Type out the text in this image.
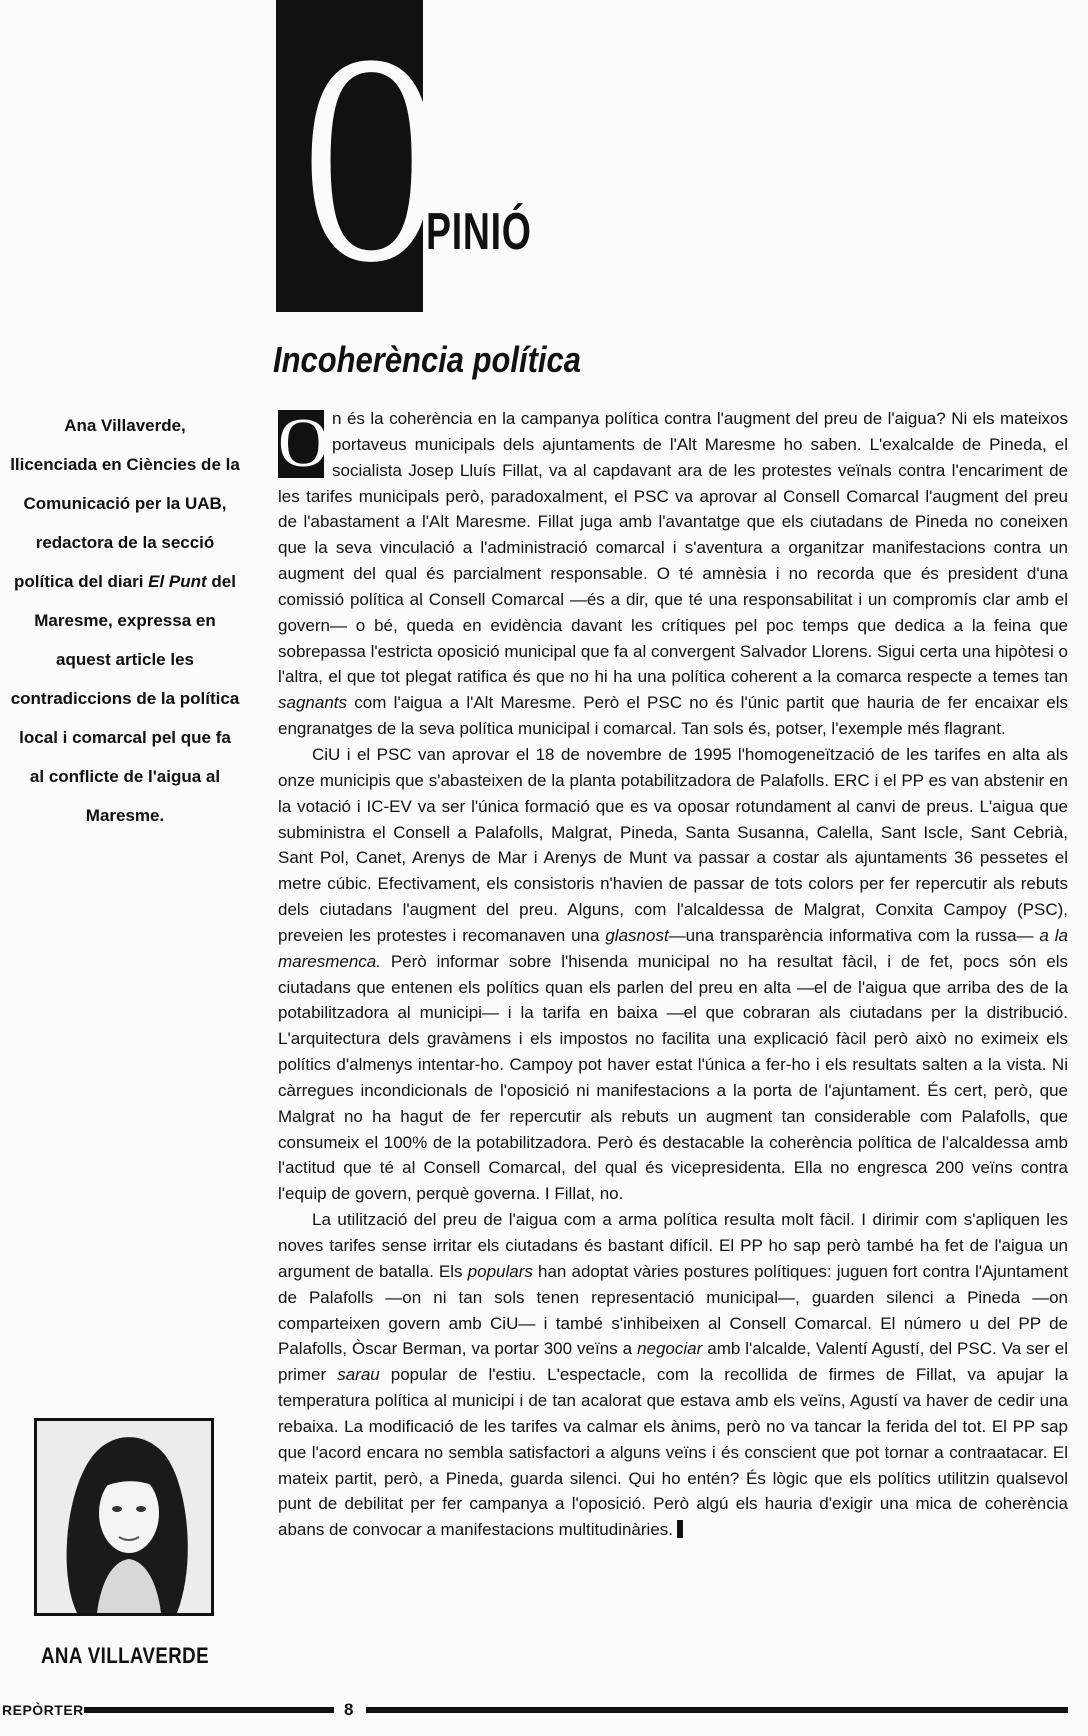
O
PINIÓ
Incoherència política
Ana Villaverde,
llicenciada en Ciències de la
Comunicació per la UAB,
redactora de la secció
política del diari El Punt del
Maresme, expressa en
aquest article les
contradiccions de la política
local i comarcal pel que fa
al conflicte de l'aigua al
Maresme.
ANA VILLAVERDE

O n és la coherència en la campanya política contra l'augment del preu de l'aigua? Ni els mateixos portaveus municipals dels ajuntaments de l'Alt Maresme ho saben. L'exalcalde de Pineda, el socialista Josep Lluís Fillat, va al capdavant ara de les protestes veïnals contra l'encariment de les tarifes municipals però, paradoxalment, el PSC va aprovar al Consell Comarcal l'augment del preu de l'abastament a l'Alt Maresme. Fillat juga amb l'avantatge que els ciutadans de Pineda no coneixen que la seva vinculació a l'administració comarcal i s'aventura a organitzar manifestacions contra un augment del qual és parcialment responsable. O té amnèsia i no recorda que és president d'una comissió política al Consell Comarcal —és a dir, que té una responsabilitat i un compromís clar amb el govern— o bé, queda en evidència davant les crítiques pel poc temps que dedica a la feina que sobrepassa l'estricta oposició municipal que fa al convergent Salvador Llorens. Sigui certa una hipòtesi o l'altra, el que tot plegat ratifica és que no hi ha una política coherent a la comarca respecte a temes tan sagnants com l'aigua a l'Alt Maresme. Però el PSC no és l'únic partit que hauria de fer encaixar els engranatges de la seva política municipal i comarcal. Tan sols és, potser, l'exemple més flagrant.

CiU i el PSC van aprovar el 18 de novembre de 1995 l'homogeneïtzació de les tarifes en alta als onze municipis que s'abasteixen de la planta potabilitzadora de Palafolls. ERC i el PP es van abstenir en la votació i IC-EV va ser l'única formació que es va oposar rotundament al canvi de preus. L'aigua que subministra el Consell a Palafolls, Malgrat, Pineda, Santa Susanna, Calella, Sant Iscle, Sant Cebrià, Sant Pol, Canet, Arenys de Mar i Arenys de Munt va passar a costar als ajuntaments 36 pessetes el metre cúbic. Efectivament, els consistoris n'havien de passar de tots colors per fer repercutir als rebuts dels ciutadans l'augment del preu. Alguns, com l'alcaldessa de Malgrat, Conxita Campoy (PSC), preveien les protestes i recomanaven una glasnost—una transparència informativa com la russa— a la maresmenca. Però informar sobre l'hisenda municipal no ha resultat fàcil, i de fet, pocs són els ciutadans que entenen els polítics quan els parlen del preu en alta —el de l'aigua que arriba des de la potabilitzadora al municipi— i la tarifa en baixa —el que cobraran als ciutadans per la distribució. L'arquitectura dels gravàmens i els impostos no facilita una explicació fàcil però això no eximeix els polítics d'almenys intentar-ho. Campoy pot haver estat l'única a fer-ho i els resultats salten a la vista. Ni càrregues incondicionals de l'oposició ni manifestacions a la porta de l'ajuntament. És cert, però, que Malgrat no ha hagut de fer repercutir als rebuts un augment tan considerable com Palafolls, que consumeix el 100% de la potabilitzadora. Però és destacable la coherència política de l'alcaldessa amb l'actitud que té al Consell Comarcal, del qual és vicepresidenta. Ella no engresca 200 veïns contra l'equip de govern, perquè governa. I Fillat, no.

La utilització del preu de l'aigua com a arma política resulta molt fàcil. I dirimir com s'apliquen les noves tarifes sense irritar els ciutadans és bastant difícil. El PP ho sap però també ha fet de l'aigua un argument de batalla. Els populars han adoptat vàries postures polítiques: juguen fort contra l'Ajuntament de Palafolls —on ni tan sols tenen representació municipal—, guarden silenci a Pineda —on comparteixen govern amb CiU— i també s'inhibeixen al Consell Comarcal. El número u del PP de Palafolls, Òscar Berman, va portar 300 veïns a negociar amb l'alcalde, Valentí Agustí, del PSC. Va ser el primer sarau popular de l'estiu. L'espectacle, com la recollida de firmes de Fillat, va apujar la temperatura política al municipi i de tan acalorat que estava amb els veïns, Agustí va haver de cedir una rebaixa. La modificació de les tarifes va calmar els ànims, però no va tancar la ferida del tot. El PP sap que l'acord encara no sembla satisfactori a alguns veïns i és conscient que pot tornar a contraatacar. El mateix partit, però, a Pineda, guarda silenci. Qui ho entén? És lògic que els polítics utilitzin qualsevol punt de debilitat per fer campanya a l'oposició. Però algú els hauria d'exigir una mica de coherència abans de convocar a manifestacions multitudinàries.

REPÒRTER	8
